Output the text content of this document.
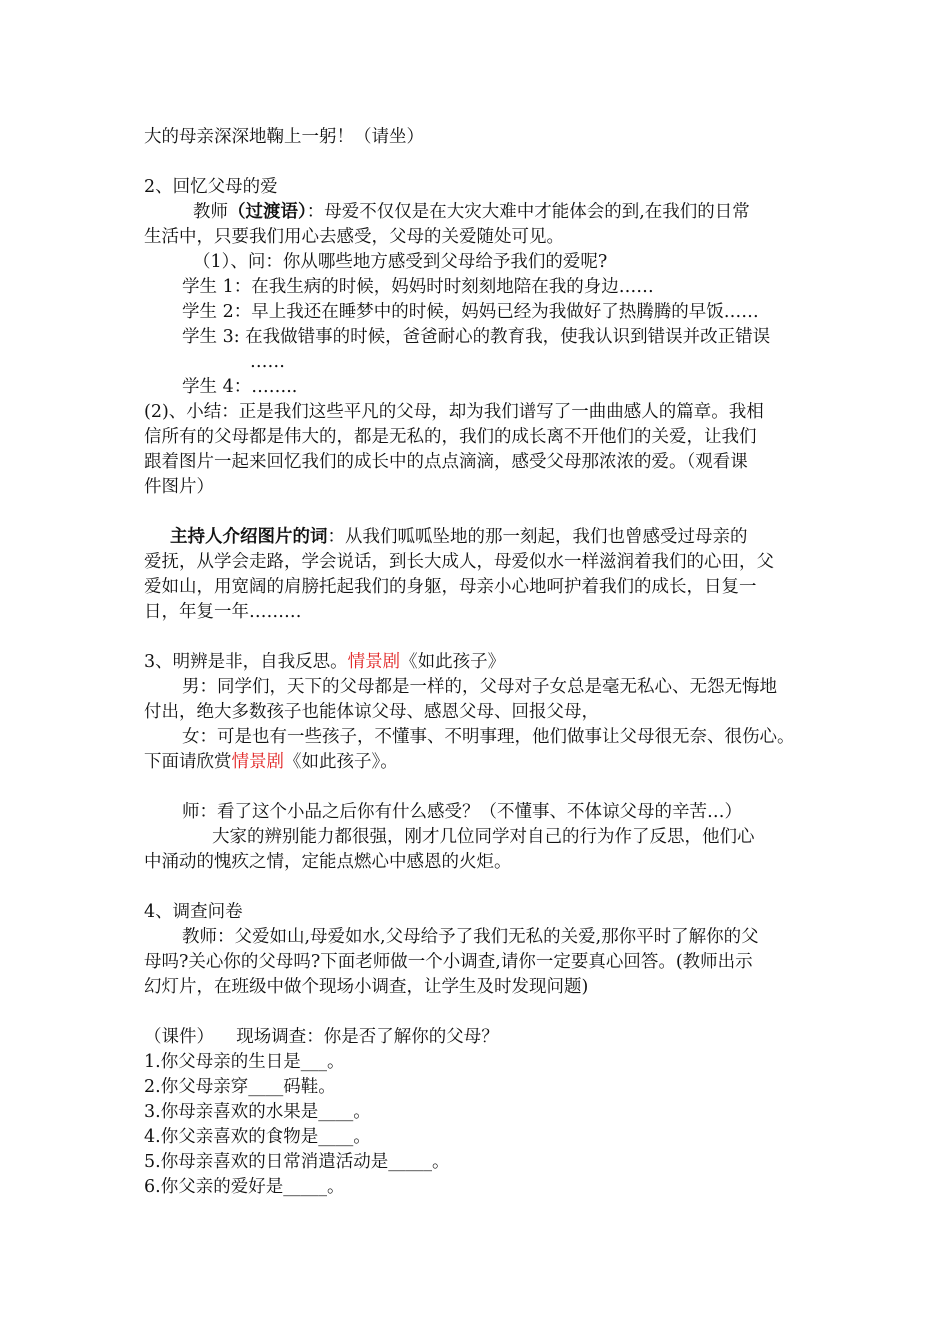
大的母亲深深地鞠上一躬！（请坐）
2、回忆父母的爱
教师（过渡语）：母爱不仅仅是在大灾大难中才能体会的到,在我们的日常
生活中，只要我们用心去感受，父母的关爱随处可见。
（1）、问：你从哪些地方感受到父母给予我们的爱呢?
学生 1：在我生病的时候，妈妈时时刻刻地陪在我的身边……
学生 2：早上我还在睡梦中的时候，妈妈已经为我做好了热腾腾的早饭……
学生 3: 在我做错事的时候，爸爸耐心的教育我，使我认识到错误并改正错误
……
学生 4：……..
(2)、小结：正是我们这些平凡的父母，却为我们谱写了一曲曲感人的篇章。我相
信所有的父母都是伟大的，都是无私的，我们的成长离不开他们的关爱，让我们
跟着图片一起来回忆我们的成长中的点点滴滴，感受父母那浓浓的爱。（观看课
件图片）
主持人介绍图片的词：从我们呱呱坠地的那一刻起，我们也曾感受过母亲的
爱抚，从学会走路，学会说话，到长大成人，母爱似水一样滋润着我们的心田，父
爱如山，用宽阔的肩膀托起我们的身躯，母亲小心地呵护着我们的成长，日复一
日，年复一年………
3、明辨是非，自我反思。情景剧《如此孩子》
男：同学们，天下的父母都是一样的，父母对子女总是毫无私心、无怨无悔地
付出，绝大多数孩子也能体谅父母、感恩父母、回报父母，
女：可是也有一些孩子，不懂事、不明事理，他们做事让父母很无奈、很伤心。
下面请欣赏情景剧《如此孩子》。
师：看了这个小品之后你有什么感受？（不懂事、不体谅父母的辛苦…）
大家的辨别能力都很强，刚才几位同学对自己的行为作了反思，他们心
中涌动的愧疚之情，定能点燃心中感恩的火炬。
4、调查问卷
教师：父爱如山,母爱如水,父母给予了我们无私的关爱,那你平时了解你的父
母吗?关心你的父母吗?下面老师做一个小调查,请你一定要真心回答。(教师出示
幻灯片，在班级中做个现场小调查，让学生及时发现问题)
（课件）    现场调查：你是否了解你的父母？
1.你父母亲的生日是___。
2.你父母亲穿____码鞋。
3.你母亲喜欢的水果是____。
4.你父亲喜欢的食物是____。
5.你母亲喜欢的日常消遣活动是_____。
6.你父亲的爱好是_____。
